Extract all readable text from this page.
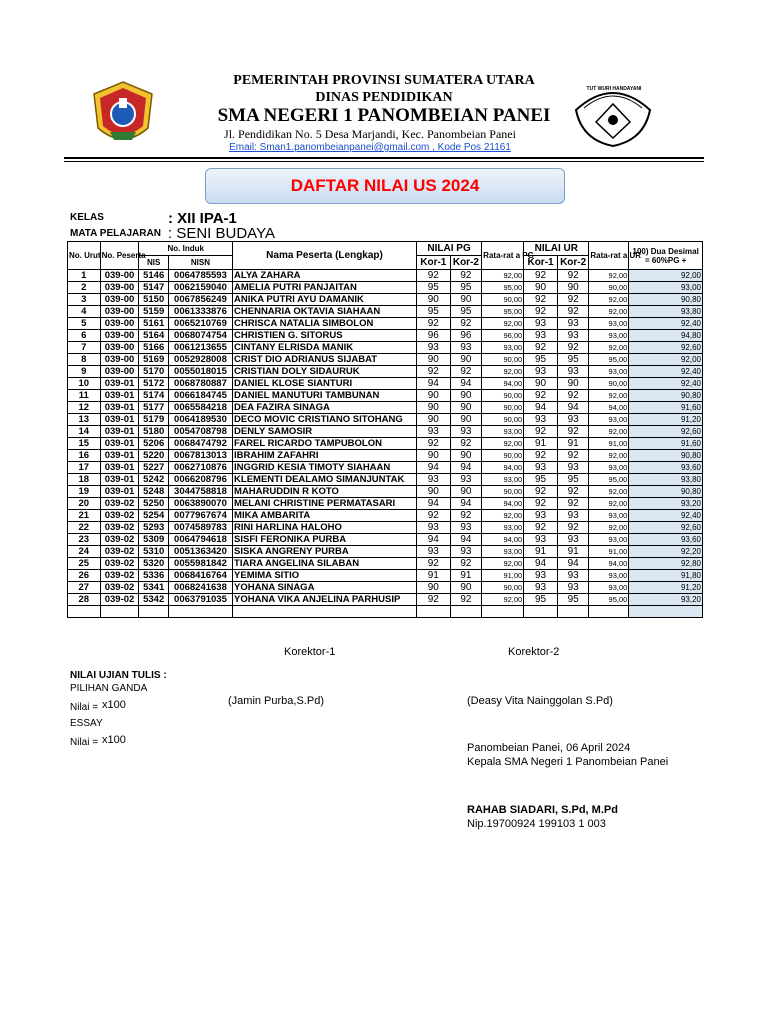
PEMERINTAH PROVINSI SUMATERA UTARA
DINAS PENDIDIKAN
SMA NEGERI 1 PANOMBEIAN PANEI
Jl. Pendidikan No. 5 Desa Marjandi, Kec. Panombeian Panei
Email: Sman1.panombeianpanei@gmail.com , Kode Pos 21161
TUT WURI HANDAYANI
DAFTAR NILAI US 2024
KELAS	: XII IPA-1
MATA PELAJARAN : SENI BUDAYA
No. Urut	No. Peserta	No. Induk		Nama Peserta (Lengkap)	NILAI PG		Rata-rat a PG	NILAI UR		Rata-rat a UR	100) Dua Desimal = 60%PG +
		NIS	NISN		Kor-1	Kor-2		Kor-1	Kor-2		
1	039-00	5146	0064785593	ALYA ZAHARA	92	92	92,00	92	92	92,00	92,00
2	039-00	5147	0062159040	AMELIA PUTRI PANJAITAN	95	95	95,00	90	90	90,00	93,00
3	039-00	5150	0067856249	ANIKA PUTRI AYU DAMANIK	90	90	90,00	92	92	92,00	90,80
4	039-00	5159	0061333876	CHENNARIA OKTAVIA SIAHAAN	95	95	95,00	92	92	92,00	93,80
5	039-00	5161	0065210769	CHRISCA NATALIA SIMBOLON	92	92	92,00	93	93	93,00	92,40
6	039-00	5164	0068074754	CHRISTIEN G. SITORUS	96	96	96,00	93	93	93,00	94,80
7	039-00	5166	0061213655	CINTANY ELRISDA MANIK	93	93	93,00	92	92	92,00	92,60
8	039-00	5169	0052928008	CRIST DIO ADRIANUS SIJABAT	90	90	90,00	95	95	95,00	92,00
9	039-00	5170	0055018015	CRISTIAN DOLY SIDAURUK	92	92	92,00	93	93	93,00	92,40
10	039-01	5172	0068780887	DANIEL KLOSE SIANTURI	94	94	94,00	90	90	90,00	92,40
11	039-01	5174	0066184745	DANIEL MANUTURI TAMBUNAN	90	90	90,00	92	92	92,00	90,80
12	039-01	5177	0065584218	DEA FAZIRA SINAGA	90	90	90,00	94	94	94,00	91,60
13	039-01	5179	0064189530	DECO MOVIC CRISTIANO SITOHANG	90	90	90,00	93	93	93,00	91,20
14	039-01	5180	0054708798	DENLY SAMOSIR	93	93	93,00	92	92	92,00	92,60
15	039-01	5206	0068474792	FAREL RICARDO TAMPUBOLON	92	92	92,00	91	91	91,00	91,60
16	039-01	5220	0067813013	IBRAHIM ZAFAHRI	90	90	90,00	92	92	92,00	90,80
17	039-01	5227	0062710876	INGGRID KESIA TIMOTY SIAHAAN	94	94	94,00	93	93	93,00	93,60
18	039-01	5242	0066208796	KLEMENTI DEALAMO SIMANJUNTAK	93	93	93,00	95	95	95,00	93,80
19	039-01	5248	3044758818	MAHARUDDIN R KOTO	90	90	90,00	92	92	92,00	90,80
20	039-02	5250	0063890070	MELANI CHRISTINE PERMATASARI	94	94	94,00	92	92	92,00	93,20
21	039-02	5254	0077967674	MIKA AMBARITA	92	92	92,00	93	93	93,00	92,40
22	039-02	5293	0074589783	RINI HARLINA HALOHO	93	93	93,00	92	92	92,00	92,60
23	039-02	5309	0064794618	SISFI FERONIKA PURBA	94	94	94,00	93	93	93,00	93,60
24	039-02	5310	0051363420	SISKA ANGRENY PURBA	93	93	93,00	91	91	91,00	92,20
25	039-02	5320	0055981842	TIARA ANGELINA SILABAN	92	92	92,00	94	94	94,00	92,80
26	039-02	5336	0068416764	YEMIMA SITIO	91	91	91,00	93	93	93,00	91,80
27	039-02	5341	0068241638	YOHANA SINAGA	90	90	90,00	93	93	93,00	91,20
28	039-02	5342	0063791035	YOHANA VIKA ANJELINA PARHUSIP	92	92	92,00	95	95	95,00	93,20

Korektor-1	Korektor-2
NILAI UJIAN TULIS :
PILIHAN GANDA
Nilai = x100
ESSAY
Nilai = x100
(Jamin Purba,S.Pd)	(Deasy Vita Nainggolan S.Pd)
Panombeian Panei, 06 April 2024
Kepala SMA Negeri 1 Panombeian Panei
RAHAB SIADARI, S.Pd, M.Pd
Nip.19700924 199103 1 003
